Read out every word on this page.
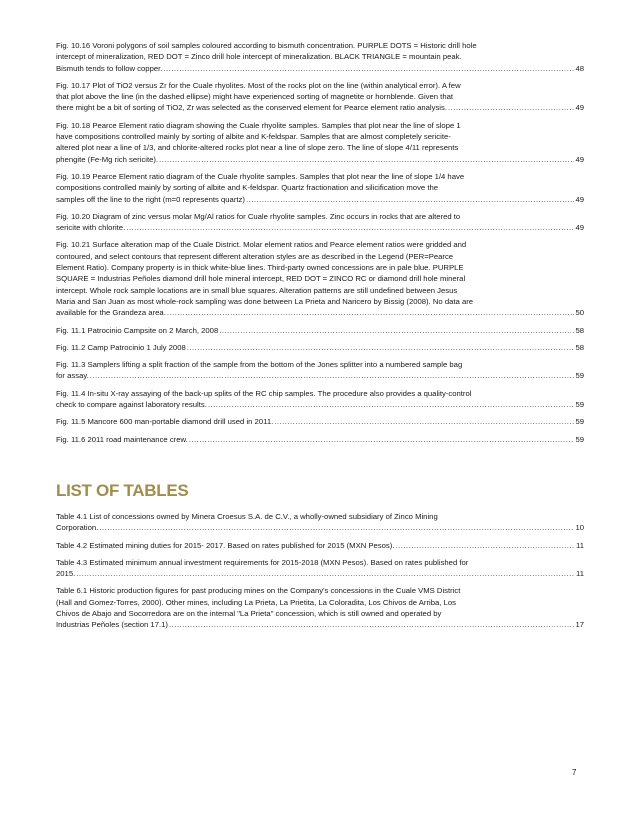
Fig. 10.16 Voroni polygons of soil samples coloured according to bismuth concentration. PURPLE DOTS = Historic drill hole
intercept of mineralization, RED DOT = Zinco drill hole intercept of mineralization. BLACK TRIANGLE = mountain peak.
Bismuth tends to follow copper. .....	48
Fig. 10.17 Plot of TiO2 versus Zr for the Cuale rhyolites. Most of the rocks plot on the line (within analytical error). A few
that plot above the line (in the dashed ellipse) might have experienced sorting of magnetite or hornblende. Given that
there might be a bit of sorting of TiO2, Zr was selected as the conserved element for Pearce element ratio analysis. .....	49
Fig. 10.18 Pearce Element ratio diagram showing the Cuale rhyolite samples. Samples that plot near the line of slope 1
have compositions controlled mainly by sorting of albite and K-feldspar. Samples that are almost completely sericite-
altered plot near a line of 1/3, and chlorite-altered rocks plot near a line of slope zero. The line of slope 4/11 represents
phengite (Fe-Mg rich sericite). .....	49
Fig. 10.19 Pearce Element ratio diagram of the Cuale rhyolite samples. Samples that plot near the line of slope 1/4 have
compositions controlled mainly by sorting of albite and K-feldspar. Quartz fractionation and silicification move the
samples off the line to the right (m=0 represents quartz) .....	49
Fig. 10.20 Diagram of zinc versus molar Mg/Al ratios for Cuale rhyolite samples. Zinc occurs in rocks that are altered to
sericite with chlorite. .....	49
Fig. 10.21 Surface alteration map of the Cuale District. Molar element ratios and Pearce element ratios were gridded and
contoured, and select contours that represent different alteration styles are as described in the Legend (PER=Pearce
Element Ratio). Company property is in thick white-blue lines. Third-party owned concessions are in pale blue. PURPLE
SQUARE = Industrias Peñoles diamond drill hole mineral intercept, RED DOT = ZINCO RC or diamond drill hole mineral
intercept. Whole rock sample locations are in small blue squares. Alteration patterns are still undefined between Jesus
Maria and San Juan as most whole-rock sampling was done between La Prieta and Naricero by Bissig (2008). No data are
available for the Grandeza area. .....	50
Fig. 11.1 Patrocinio Campsite on 2 March, 2008 .....	58
Fig. 11.2 Camp Patrocinio 1 July 2008 .....	58
Fig. 11.3 Samplers lifting a split fraction of the sample from the bottom of the Jones splitter into a numbered sample bag
for assay. .....	59
Fig. 11.4 In-situ X-ray assaying of the back-up splits of the RC chip samples. The procedure also provides a quality-control
check to compare against laboratory results. .....	59
Fig. 11.5 Mancore 600 man-portable diamond drill used in 2011. .....	59
Fig. 11.6 2011 road maintenance crew. .....	59
LIST OF TABLES
Table 4.1 List of concessions owned by Minera Croesus S.A. de C.V., a wholly-owned subsidiary of Zinco Mining
Corporation. .....	10
Table 4.2 Estimated mining duties for 2015- 2017. Based on rates published for 2015 (MXN Pesos). .....	11
Table 4.3 Estimated minimum annual investment requirements for 2015-2018 (MXN Pesos). Based on rates published for
2015. .....	11
Table 6.1 Historic production figures for past producing mines on the Company's concessions in the Cuale VMS District
(Hall and Gomez-Torres, 2000). Other mines, including La Prieta, La Prietita, La Coloradita, Los Chivos de Arriba, Los
Chivos de Abajo and Socorredora are on the internal "La Prieta" concession, which is still owned and operated by
Industrias Peñoles (section 17.1) .....	17
7
